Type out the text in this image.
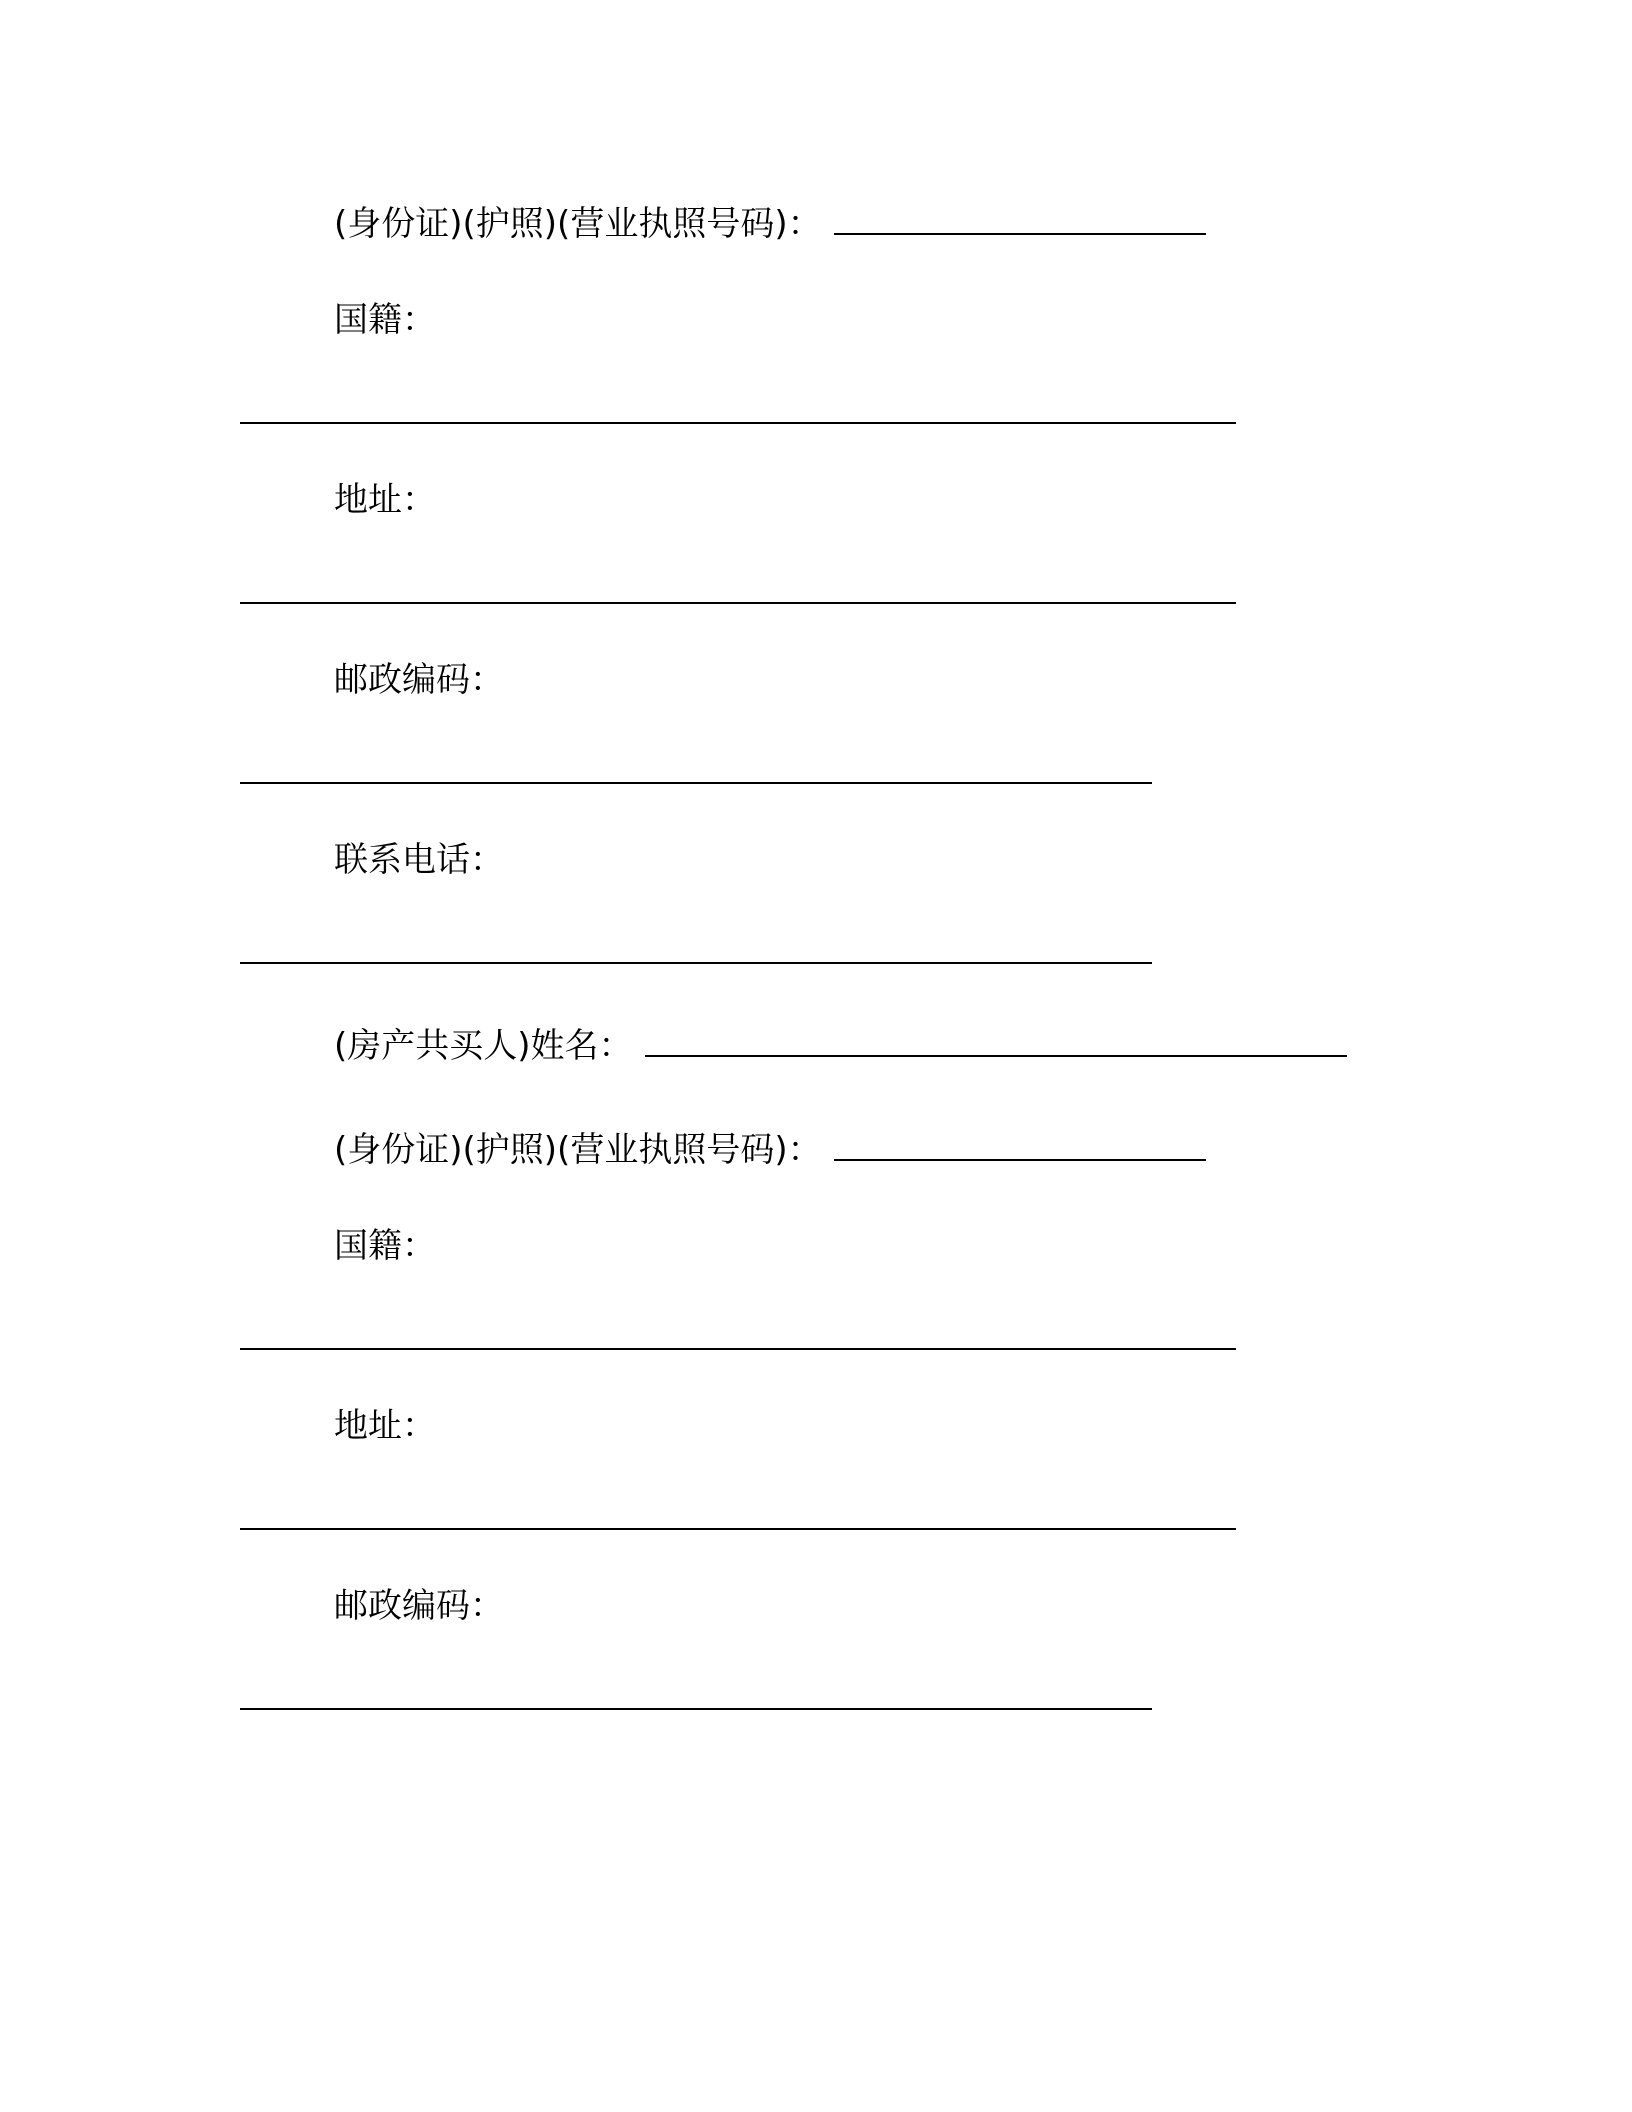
(身份证)(护照)(营业执照号码)：
国籍：
地址：
邮政编码：
联系电话：
(房产共买人)姓名：
(身份证)(护照)(营业执照号码)：
国籍：
地址：
邮政编码：
